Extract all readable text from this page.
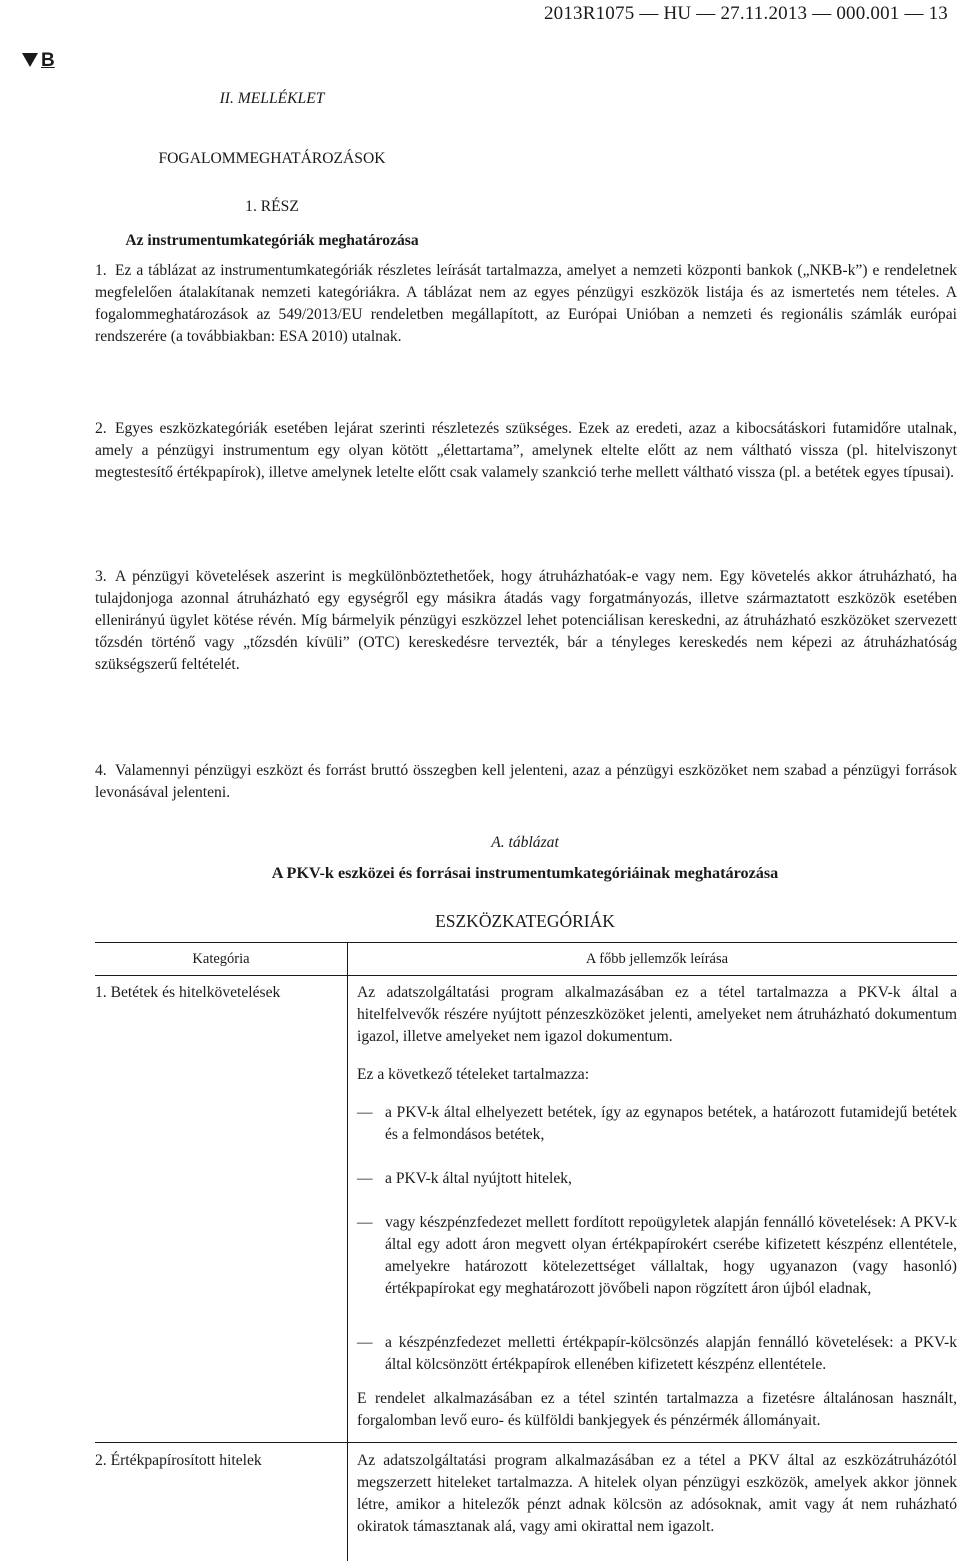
2013R1075 — HU — 27.11.2013 — 000.001 — 13
B
II. MELLÉKLET
FOGALOMMEGHATÁROZÁSOK
1. RÉSZ
Az instrumentumkategóriák meghatározása
1. Ez a táblázat az instrumentumkategóriák részletes leírását tartalmazza, amelyet a nemzeti központi bankok („NKB-k”) e rendeletnek megfelelően átalakítanak nemzeti kategóriákra. A táblázat nem az egyes pénzügyi eszközök listája és az ismertetés nem tételes. A fogalommeghatározások az 549/2013/EU rendeletben megállapított, az Európai Unióban a nemzeti és regionális számlák európai rendszerére (a továbbiakban: ESA 2010) utalnak.
2. Egyes eszközkategóriák esetében lejárat szerinti részletezés szükséges. Ezek az eredeti, azaz a kibocsátáskori futamidőre utalnak, amely a pénzügyi instrumentum egy olyan kötött „élettartama”, amelynek eltelte előtt az nem váltható vissza (pl. hitelviszonyt megtestesítő értékpapírok), illetve amelynek letelte előtt csak valamely szankció terhe mellett váltható vissza (pl. a betétek egyes típusai).
3. A pénzügyi követelések aszerint is megkülönböztethetőek, hogy átruházhatóak-e vagy nem. Egy követelés akkor átruházható, ha tulajdonjoga azonnal átruházható egy egységről egy másikra átadás vagy forgatmányozás, illetve származtatott eszközök esetében ellenirányú ügylet kötése révén. Míg bármelyik pénzügyi eszközzel lehet potenciálisan kereskedni, az átruházható eszközöket szervezett tőzsdén történő vagy „tőzsdén kívüli” (OTC) kereskedésre tervezték, bár a tényleges kereskedés nem képezi az átruházhatóság szükségszerű feltételét.
4. Valamennyi pénzügyi eszközt és forrást bruttó összegben kell jelenteni, azaz a pénzügyi eszközöket nem szabad a pénzügyi források levonásával jelenteni.
A. táblázat
A PKV-k eszközei és forrásai instrumentumkategóriáinak meghatározása
ESZKÖZKATEGÓRIÁK
Kategória	A főbb jellemzők leírása
1. Betétek és hitelkövetelések	Az adatszolgáltatási program alkalmazásában ez a tétel tartalmazza a PKV-k által a hitelfelvevők részére nyújtott pénzeszközöket jelenti, amelyeket nem átruházható dokumentum igazol, illetve amelyeket nem igazol dokumentum.
Ez a következő tételeket tartalmazza:
— a PKV-k által elhelyezett betétek, így az egynapos betétek, a határozott futamidejű betétek és a felmondásos betétek,
— a PKV-k által nyújtott hitelek,
— vagy készpénzfedezet mellett fordított repoügyletek alapján fennálló követelések: A PKV-k által egy adott áron megvett olyan értékpapírokért cserébe kifizetett készpénz ellentétele, amelyekre határozott kötelezettséget vállaltak, hogy ugyanazon (vagy hasonló) értékpapírokat egy meghatározott jövőbeli napon rögzített áron újból eladnak,
— a készpénzfedezet melletti értékpapír-kölcsönzés alapján fennálló követelések: a PKV-k által kölcsönzött értékpapírok ellenében kifizetett készpénz ellentétele.
E rendelet alkalmazásában ez a tétel szintén tartalmazza a fizetésre általánosan használt, forgalomban levő euro- és külföldi bankjegyek és pénzérmék állományait.
2. Értékpapírosított hitelek	Az adatszolgáltatási program alkalmazásában ez a tétel a PKV által az eszközátruházótól megszerzett hiteleket tartalmazza. A hitelek olyan pénzügyi eszközök, amelyek akkor jönnek létre, amikor a hitelezők pénzt adnak kölcsön az adósoknak, amit vagy át nem ruházható okiratok támasztanak alá, vagy ami okirattal nem igazolt.
